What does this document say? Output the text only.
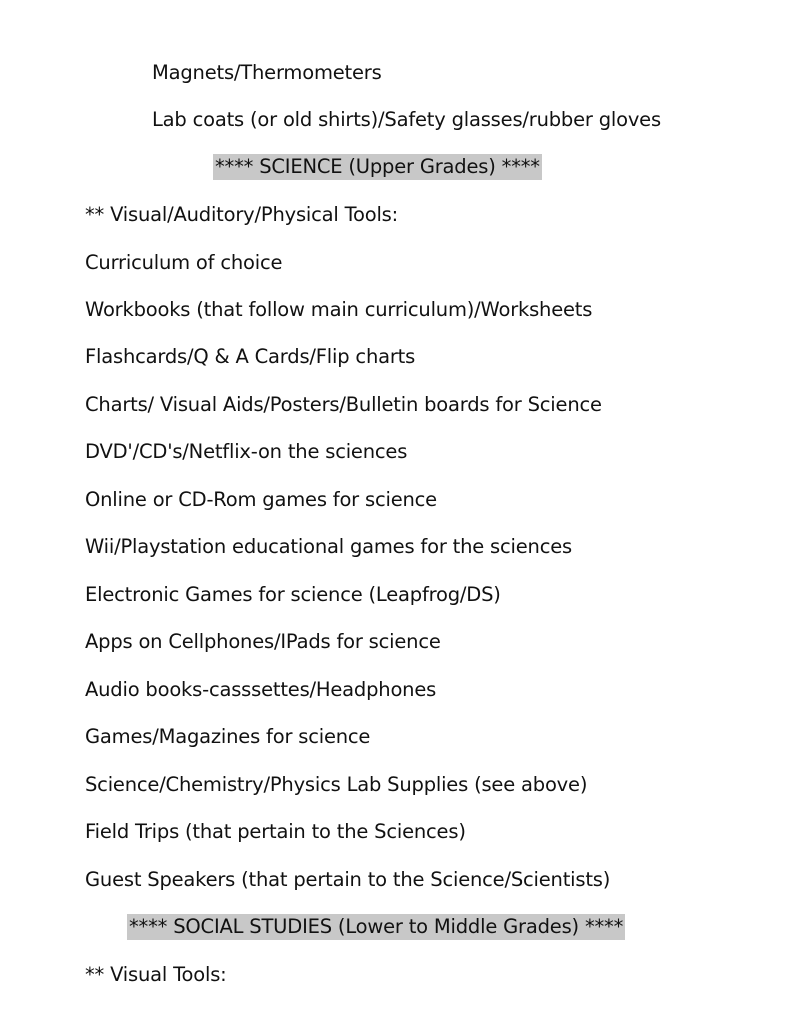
Magnets/Thermometers
Lab coats (or old shirts)/Safety glasses/rubber gloves
**** SCIENCE (Upper Grades) ****
** Visual/Auditory/Physical Tools:
Curriculum of choice
Workbooks (that follow main curriculum)/Worksheets
Flashcards/Q & A Cards/Flip charts
Charts/ Visual Aids/Posters/Bulletin boards for Science
DVD'/CD's/Netflix-on the sciences
Online or CD-Rom games for science
Wii/Playstation educational games for the sciences
Electronic Games for science (Leapfrog/DS)
Apps on Cellphones/IPads for science
Audio books-casssettes/Headphones
Games/Magazines for science
Science/Chemistry/Physics Lab Supplies (see above)
Field Trips (that pertain to the Sciences)
Guest Speakers (that pertain to the Science/Scientists)
**** SOCIAL STUDIES (Lower to Middle Grades) ****
** Visual Tools:
